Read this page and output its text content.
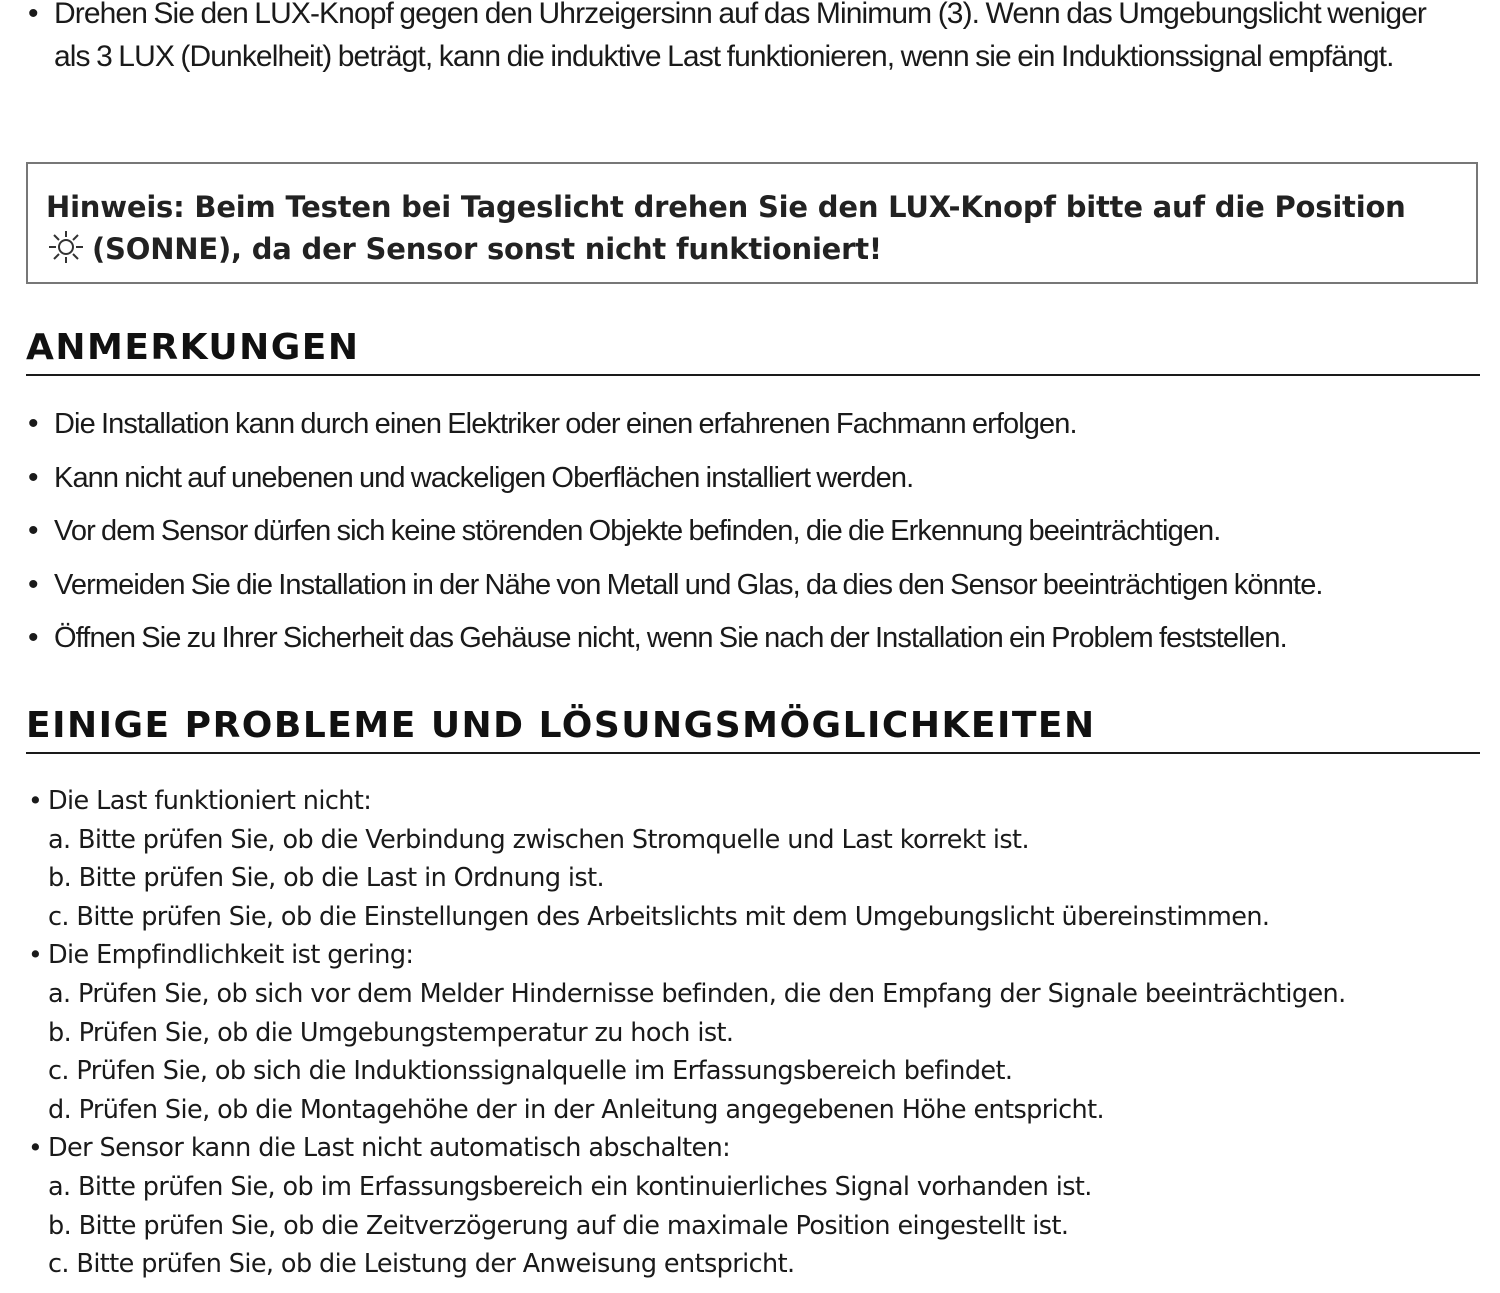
• Drehen Sie den LUX-Knopf gegen den Uhrzeigersinn auf das Minimum (3). Wenn das Umgebungslicht weniger als 3 LUX (Dunkelheit) beträgt, kann die induktive Last funktionieren, wenn sie ein Induktionssignal empfängt.
Hinweis: Beim Testen bei Tageslicht drehen Sie den LUX-Knopf bitte auf die Position
(SONNE), da der Sensor sonst nicht funktioniert!
ANMERKUNGEN
• Die Installation kann durch einen Elektriker oder einen erfahrenen Fachmann erfolgen.
• Kann nicht auf unebenen und wackeligen Oberflächen installiert werden.
• Vor dem Sensor dürfen sich keine störenden Objekte befinden, die die Erkennung beeinträchtigen.
• Vermeiden Sie die Installation in der Nähe von Metall und Glas, da dies den Sensor beeinträchtigen könnte.
• Öffnen Sie zu Ihrer Sicherheit das Gehäuse nicht, wenn Sie nach der Installation ein Problem feststellen.
EINIGE PROBLEME UND LÖSUNGSMÖGLICHKEITEN
• Die Last funktioniert nicht:
a. Bitte prüfen Sie, ob die Verbindung zwischen Stromquelle und Last korrekt ist.
b. Bitte prüfen Sie, ob die Last in Ordnung ist.
c. Bitte prüfen Sie, ob die Einstellungen des Arbeitslichts mit dem Umgebungslicht übereinstimmen.
• Die Empfindlichkeit ist gering:
a. Prüfen Sie, ob sich vor dem Melder Hindernisse befinden, die den Empfang der Signale beeinträchtigen.
b. Prüfen Sie, ob die Umgebungstemperatur zu hoch ist.
c. Prüfen Sie, ob sich die Induktionssignalquelle im Erfassungsbereich befindet.
d. Prüfen Sie, ob die Montagehöhe der in der Anleitung angegebenen Höhe entspricht.
• Der Sensor kann die Last nicht automatisch abschalten:
a. Bitte prüfen Sie, ob im Erfassungsbereich ein kontinuierliches Signal vorhanden ist.
b. Bitte prüfen Sie, ob die Zeitverzögerung auf die maximale Position eingestellt ist.
c. Bitte prüfen Sie, ob die Leistung der Anweisung entspricht.
